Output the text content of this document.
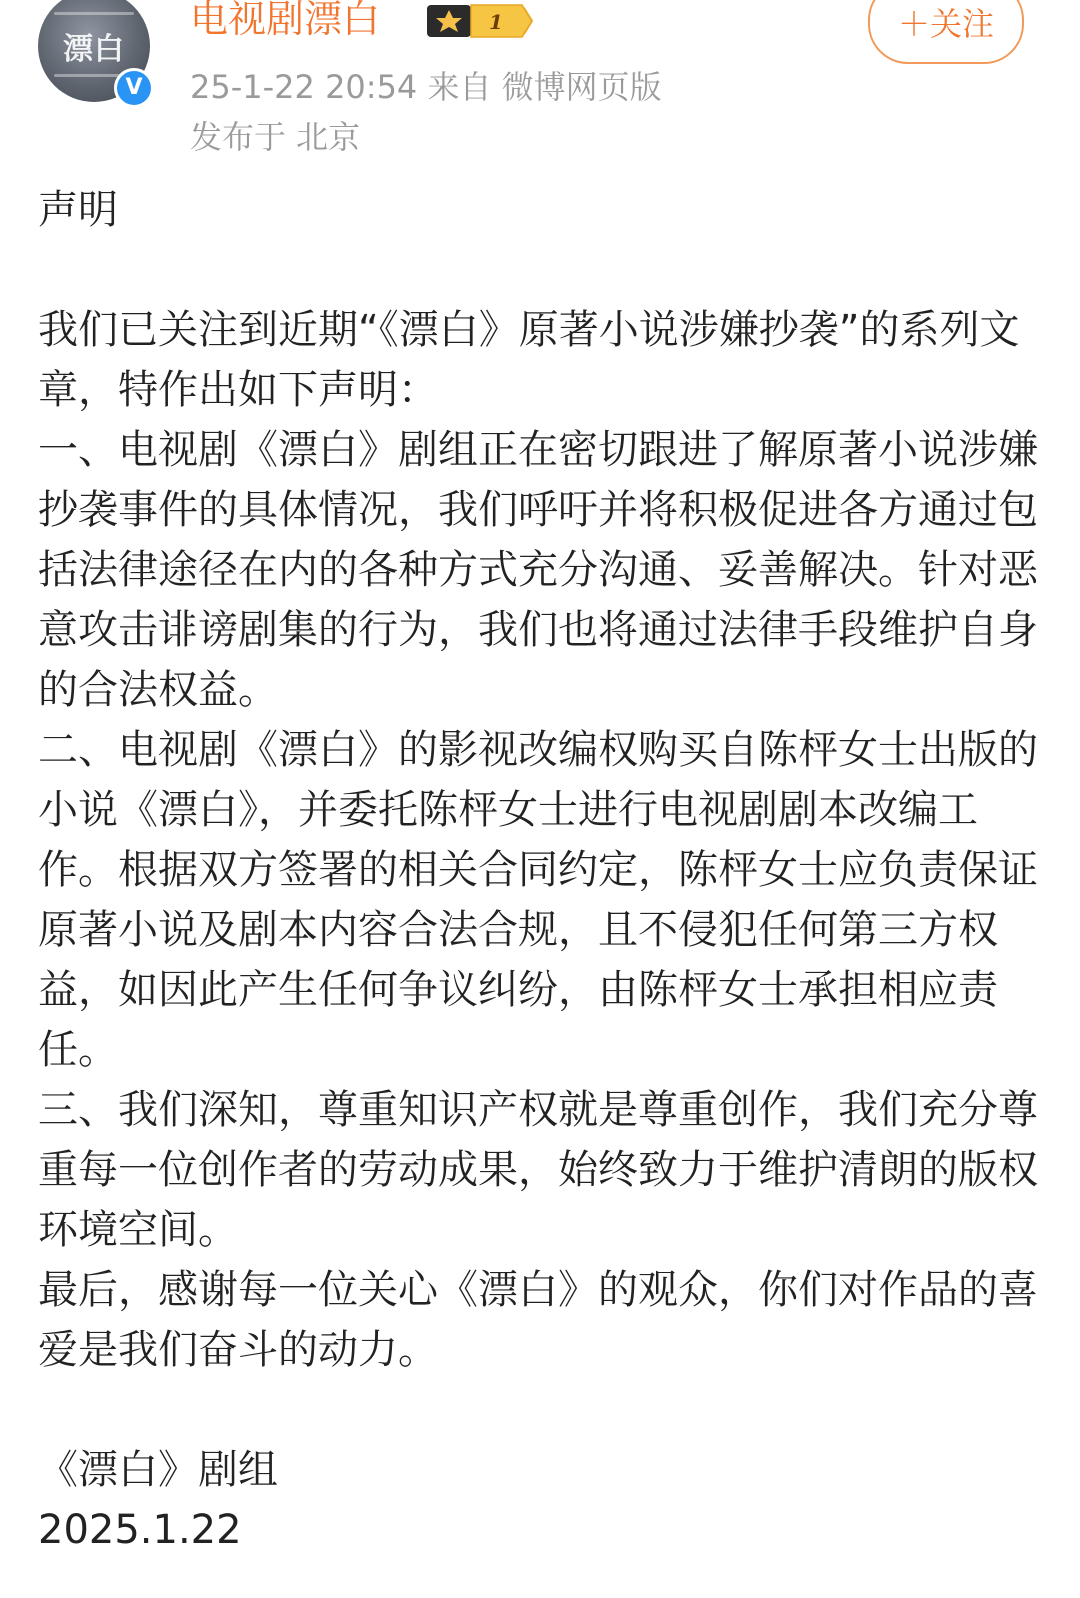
漂白
V
电视剧漂白	1
25-1-22 20:54 来自 微博网页版
发布于 北京
＋关注

声明

我们已关注到近期“《漂白》原著小说涉嫌抄袭”的系列文章，特作出如下声明：

一、电视剧《漂白》剧组正在密切跟进了解原著小说涉嫌抄袭事件的具体情况，我们呼吁并将积极促进各方通过包括法律途径在内的各种方式充分沟通、妥善解决。针对恶意攻击诽谤剧集的行为，我们也将通过法律手段维护自身的合法权益。

二、电视剧《漂白》的影视改编权购买自陈枰女士出版的小说《漂白》，并委托陈枰女士进行电视剧剧本改编工作。根据双方签署的相关合同约定，陈枰女士应负责保证原著小说及剧本内容合法合规，且不侵犯任何第三方权益，如因此产生任何争议纠纷，由陈枰女士承担相应责任。

三、我们深知，尊重知识产权就是尊重创作，我们充分尊重每一位创作者的劳动成果，始终致力于维护清朗的版权环境空间。

最后，感谢每一位关心《漂白》的观众，你们对作品的喜爱是我们奋斗的动力。

《漂白》剧组

2025.1.22
